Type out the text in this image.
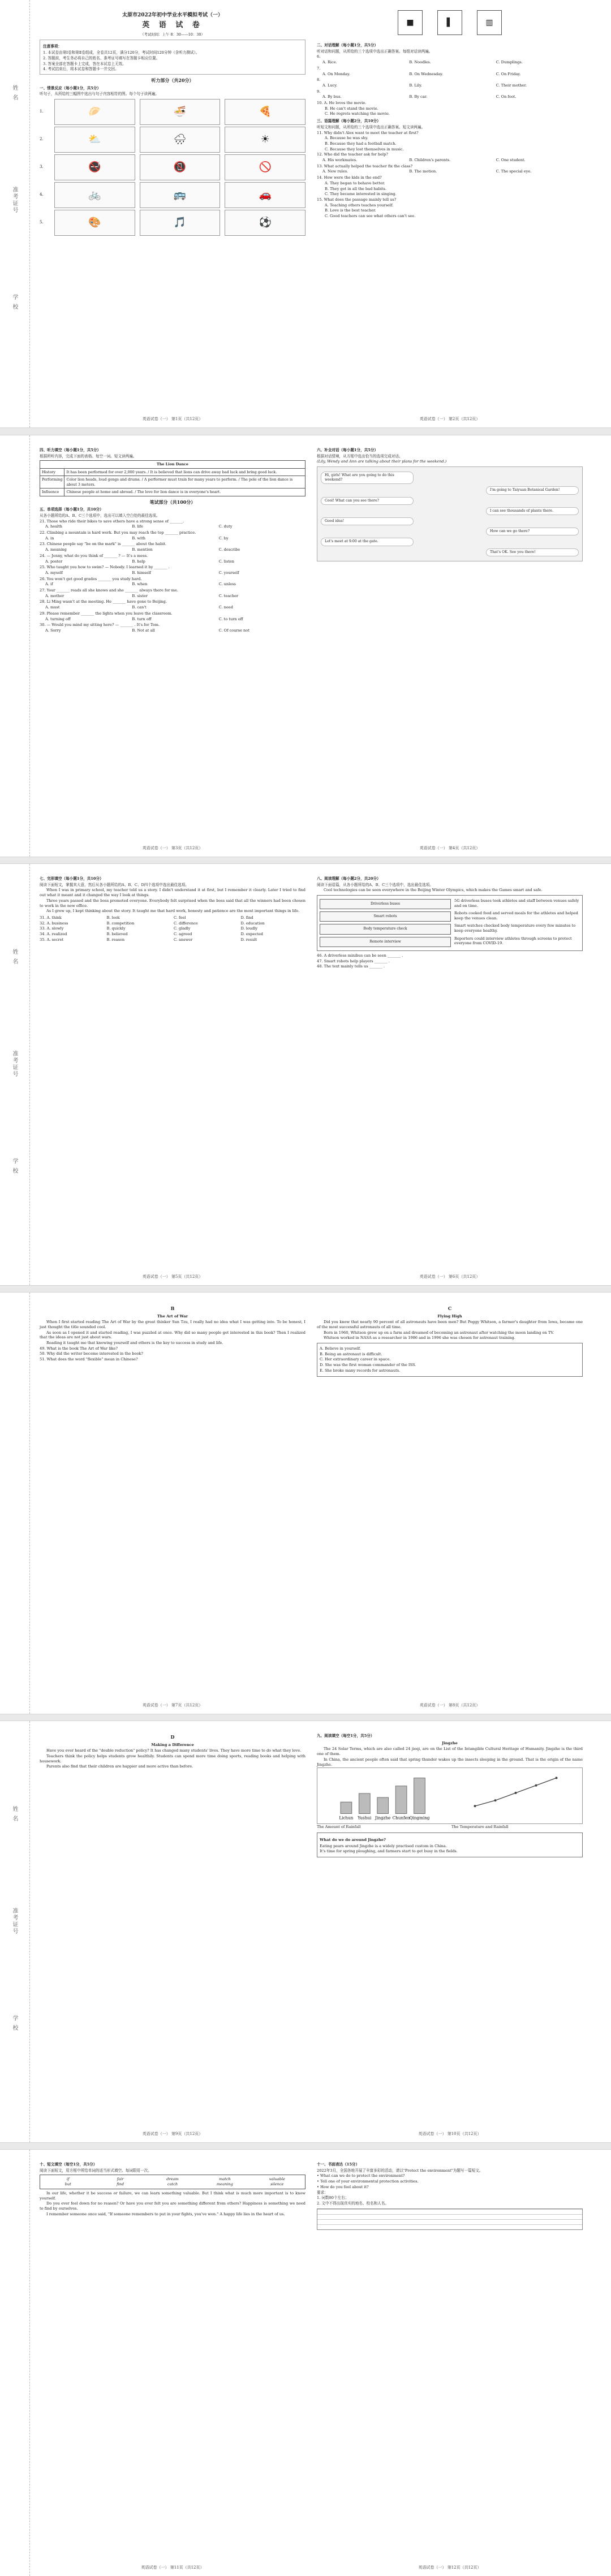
姓 名
准考证号
学 校
太原市2022年初中学业水平模拟考试（一）
英 语 试 卷
（考试时间：上午 8：30——10：30）
注意事项：
1. 本试卷由第Ⅰ卷和第Ⅱ卷组成，全卷共12页，满分120分，考试时间120分钟（含听力测试）。
2. 答题前，考生务必将自己的姓名、准考证号填写在答题卡相应位置。
3. 答案全部在答题卡上完成，答在本试卷上无效。
4. 考试结束后，将本试卷和答题卡一并交回。
听力部分（共20分）
一、情景反应（每小题1分，共5分）
听句子，从所给的三幅图中选出与句子内容相符的图。每个句子读两遍。
1.	🥟	🍜	🍕
2.	⛅	🌧	☀
3.	🚭	📵	🚫
4.	🚲	🚌	🚗
5.	🎨	🎵	⚽
英语试卷（一） 第1页（共12页）
■	▌	▥
二、对话理解（每小题1分，共5分）
听对话和问题，从所给的三个选项中选出正确答案。每组对话读两遍。
6.
A. Rice.	B. Noodles.	C. Dumplings.
7.
A. On Monday.	B. On Wednesday.	C. On Friday.
8.
A. Lucy.	B. Lily.	C. Their mother.
9.
A. By bus.	B. By car.	C. On foot.
10. A. He loves the movie.
B. He can't stand the movie.
C. He regrets watching the movie.
三、语篇理解（每小题2分，共10分）
听短文和问题，从所给的三个选项中选出正确答案。短文读两遍。
11. Why didn't Alex want to meet the teacher at first?
A. Because he was shy.
B. Because they had a football match.
C. Because they lost themselves in music.
12. Who did the teacher ask for help?
A. His workmates.	B. Children's parents.	C. One student.
13. What actually helped the teacher fix the class?
A. New rules.	B. The motion.	C. The special eye.
14. How were the kids in the end?
A. They began to behave better.
B. They got in all the bad habits.
C. They became interested in singing.
15. What does the passage mainly tell us?
A. Teaching others teaches yourself.
B. Love is the best teacher.
C. Good teachers can see what others can't see.
英语试卷（一） 第2页（共12页）
四、听力填空（每小题1分，共5分）
根据所听内容，完成下面的表格。每空一词。短文读两遍。
The Lion Dance	
History	It has been performed for over 2,000 years. / It is believed that lions can drive away bad luck and bring good luck.
Performing	Color lion heads, loud gongs and drums. / A performer must train for many years to perform. / The pole of the lion dance is about 3 meters.
Influence	Chinese people at home and abroad. / The love for lion dance is in everyone's heart.
笔试部分（共100分）
五、单项选择（每小题1分，共10分）
从各小题所给的A、B、C三个选项中，选出可以填入空白处的最佳选项。
21. Those who ride their bikes to save others have a strong sense of _______.
A. health	B. life	C. duty
22. Climbing a mountain is hard work. But you may reach the top _______ practice.
A. in	B. with	C. by
23. Chinese people say "be on the mark" is _______ about the habit.
A. meaning	B. mention	C. describe
24. — Jenny, what do you think of _______ ? — It's a mess.
A. poster	B. help	C. listen
25. Who taught you how to swim? — Nobody. I learned it by _______ .
A. myself	B. himself	C. yourself
26. You won't get good grades _______ you study hard.
A. if	B. when	C. unless
27. Your _______ reads all she knows and she _______ always there for me.
A. mother	B. sister	C. teacher
28. Li Ming wasn't at the meeting. He _______ have gone to Beijing.
A. must	B. can't	C. need
29. Please remember _______ the lights when you leave the classroom.
A. turning off	B. turn off	C. to turn off
30. — Would you mind my sitting here? — _______ . It's for Tom.
A. Sorry	B. Not at all	C. Of course not
英语试卷（一） 第3页（共12页）
六、补全对话（每小题1分，共5分）
根据对话情境，从方框中选出恰当的选项完成对话。
(Lily, Wendy and Ann are talking about their plans for the weekend.)
Hi, girls! What are you going to do this weekend?
I'm going to Taiyuan Botanical Garden!
Cool! What can you see there?
I can see thousands of plants there.
Good idea!
How can we go there?
Let's meet at 9:00 at the gate.
That's OK. See you there!
英语试卷（一） 第4页（共12页）
姓 名
准考证号
学 校
七、完形填空（每小题1分，共10分）
阅读下面短文，掌握其大意，然后从各小题所给的A、B、C、D四个选项中选出最佳选项。
When I was in primary school, my teacher told us a story. I didn't understand it at first, but I remember it clearly. Later I tried to find out what it meant and it changed the way I look at things.
Three years passed and the boss promoted everyone. Everybody felt surprised when the boss said that all the winners had been chosen to work in the new office.
As I grew up, I kept thinking about the story. It taught me that hard work, honesty and patience are the most important things in life.
31. A. think	B. look	C. feel	D. find
32. A. business	B. competition	C. difference	D. education
33. A. slowly	B. quickly	C. gladly	D. loudly
34. A. realized	B. believed	C. agreed	D. expected
35. A. secret	B. reason	C. answer	D. result
英语试卷（一） 第5页（共12页）
八、阅读理解（每小题2分，共20分）
阅读下面语篇，从各小题所给的A、B、C三个选项中，选出最佳选项。
Cool technologies can be seen everywhere in the Beijing Winter Olympics, which makes the Games smart and safe.
Driverless buses
5G driverless buses took athletes and staff between venues safely and on time.
Smart robots
Robots cooked food and served meals for the athletes and helped keep the venues clean.
Body temperature check
Smart watches checked body temperature every few minutes to keep everyone healthy.
Remote interview
Reporters could interview athletes through screens to protect everyone from COVID-19.
46. A driverless minibus can be seen _______ .
47. Smart robots help players _______ .
48. The text mainly tells us _______ .
英语试卷（一） 第6页（共12页）
B
The Art of War
When I first started reading The Art of War by the great thinker Sun Tzu, I really had no idea what I was getting into. To be honest, I just thought the title sounded cool.
As soon as I opened it and started reading, I was puzzled at once. Why did so many people get interested in this book? Then I realized that the ideas are not just about wars.
Reading it taught me that knowing yourself and others is the key to success in study and life.
49. What is the book The Art of War like?
50. Why did the writer become interested in the book?
51. What does the word "flexible" mean in Chinese?
英语试卷（一） 第7页（共12页）
C
Flying High
Did you know that nearly 90 percent of all astronauts have been men? But Peggy Whitson, a farmer's daughter from Iowa, became one of the most successful astronauts of all time.
Born in 1960, Whitson grew up on a farm and dreamed of becoming an astronaut after watching the moon landing on TV.
Whitson worked in NASA as a researcher in 1986 and in 1996 she was chosen for astronaut training.
A. Believe in yourself.
B. Being an astronaut is difficult.
C. Her extraordinary career in space.
D. She was the first woman commander of the ISS.
E. She broke many records for astronauts.
英语试卷（一） 第8页（共12页）
姓 名
准考证号
学 校
D
Making a Difference
Have you ever heard of the "double reduction" policy? It has changed many students' lives. They have more time to do what they love.
Teachers think the policy helps students grow healthily. Students can spend more time doing sports, reading books and helping with housework.
Parents also find that their children are happier and more active than before.
英语试卷（一） 第9页（共12页）
九、阅读填空（每空1分，共5分）
Jingzhe
The 24 Solar Terms, which are also called 24 jieqi, are on the List of the Intangible Cultural Heritage of Humanity. Jingzhe is the third one of them.
In China, the ancient people often said that spring thunder wakes up the insects sleeping in the ground. That is the origin of the name Jingzhe.
Lichun Yushui Jingzhe Chunfen Qingming
The Amount of Rainfall	The Temperature and Rainfall
What do we do around Jingzhe?
Eating pears around Jingzhe is a widely practised custom in China.
It's time for spring ploughing, and farmers start to get busy in the fields.
英语试卷（一） 第10页（共12页）
十、短文填空（每空1分，共5分）
阅读下面短文，用方框中所给单词的适当形式填空。每词限用一次。
if	fair	dream	match	valuable
but	find	catch	meaning	silence
In our life, whether it be success or failure, we can learn something valuable. But I think what is much more important is to know yourself.
Do you ever feel down for no reason? Or have you ever felt you are something different from others? Happiness is something we need to find by ourselves.
I remember someone once said, "If someone remembers to put in your fights, you've won." A happy life lies in the heart of us.
英语试卷（一） 第11页（共12页）
十一、书面表达（15分）
2022年3月，全国各地开展了丰富多彩的活动，请以"Protect the environment"为题写一篇短文。
• What can we do to protect the environment?
• Tell one of your environmental protection activities.
• How do you feel about it?
要求：
1. 词数80个左右；
2. 文中不得出现真实的地名、校名和人名。
英语试卷（一） 第12页（共12页）
